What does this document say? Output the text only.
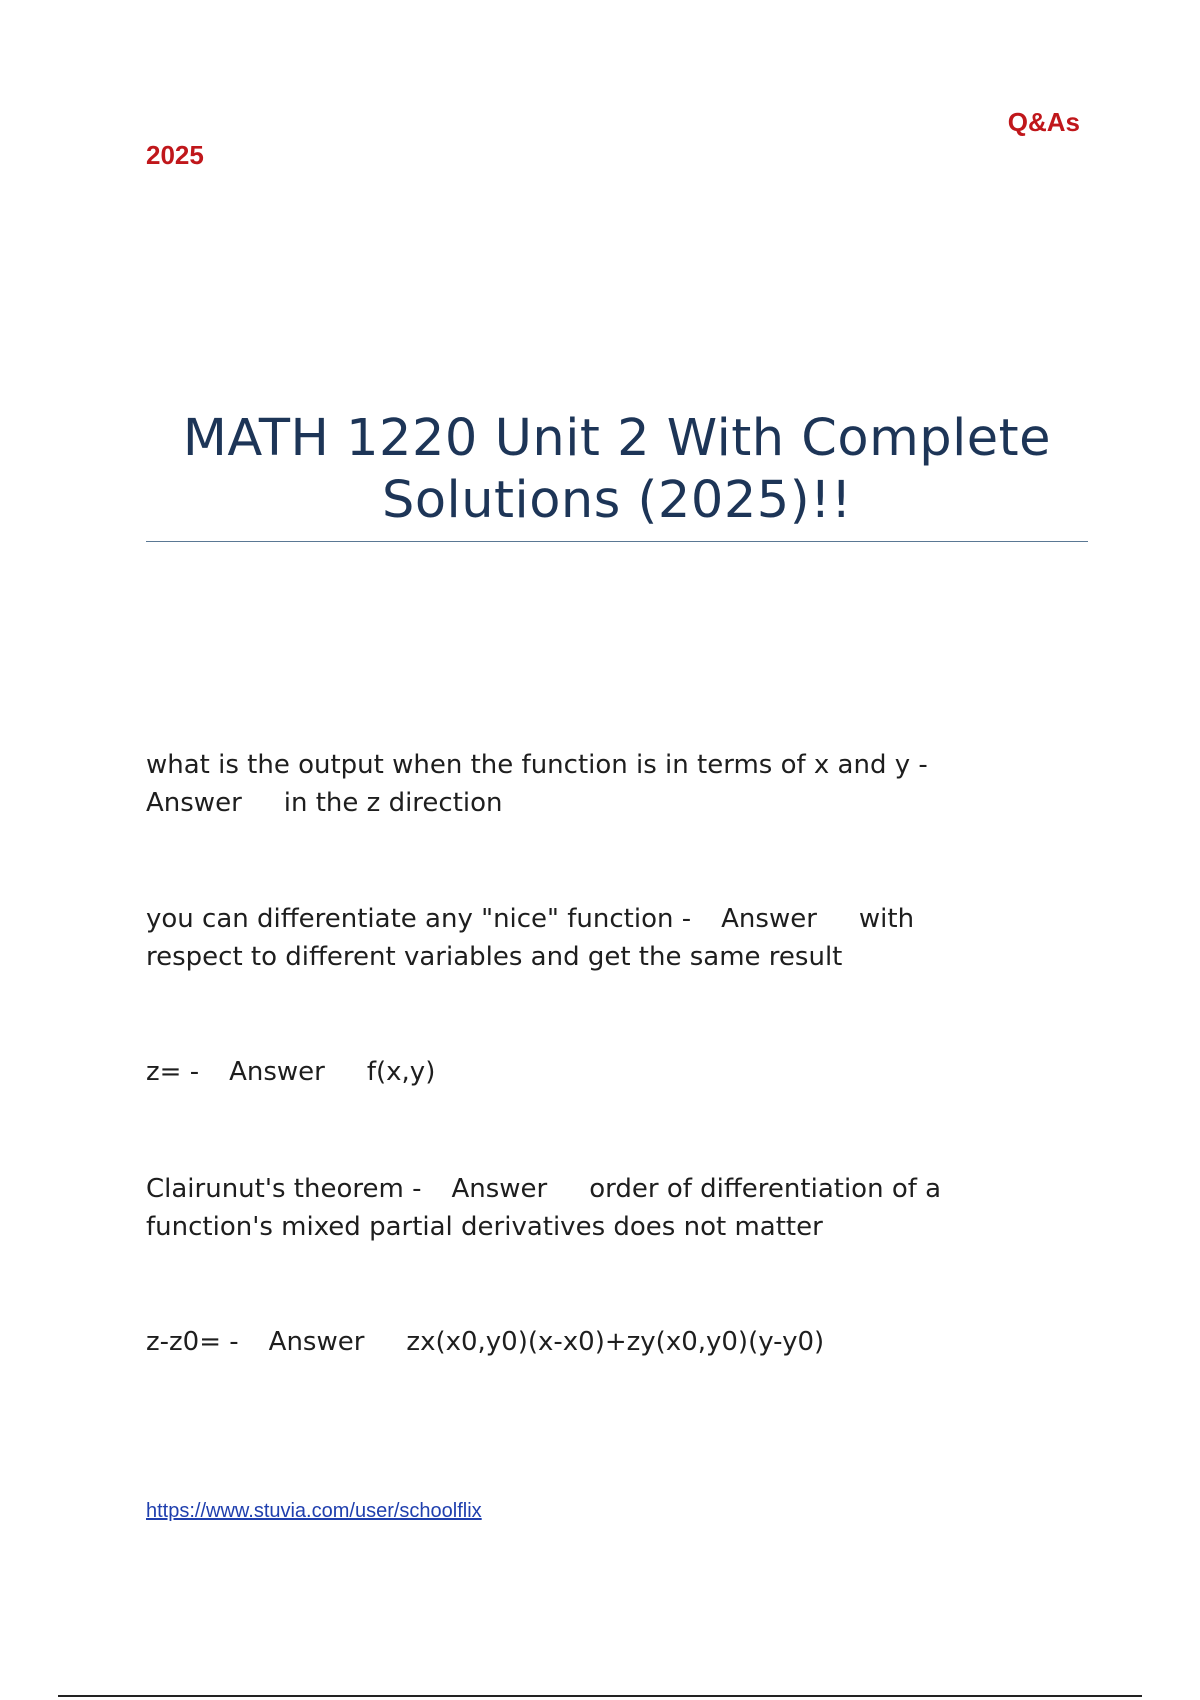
2025
Q&As
MATH 1220 Unit 2 With Complete
Solutions (2025)!!
what is the output when the function is in terms of x and y -
Answer in the z direction
you can differentiate any "nice" function - Answer with
respect to different variables and get the same result
z= - Answer f(x,y)
Clairunut's theorem - Answer order of differentiation of a
function's mixed partial derivatives does not matter
z-z0= - Answer zx(x0,y0)(x-x0)+zy(x0,y0)(y-y0)
https://www.stuvia.com/user/schoolflix
